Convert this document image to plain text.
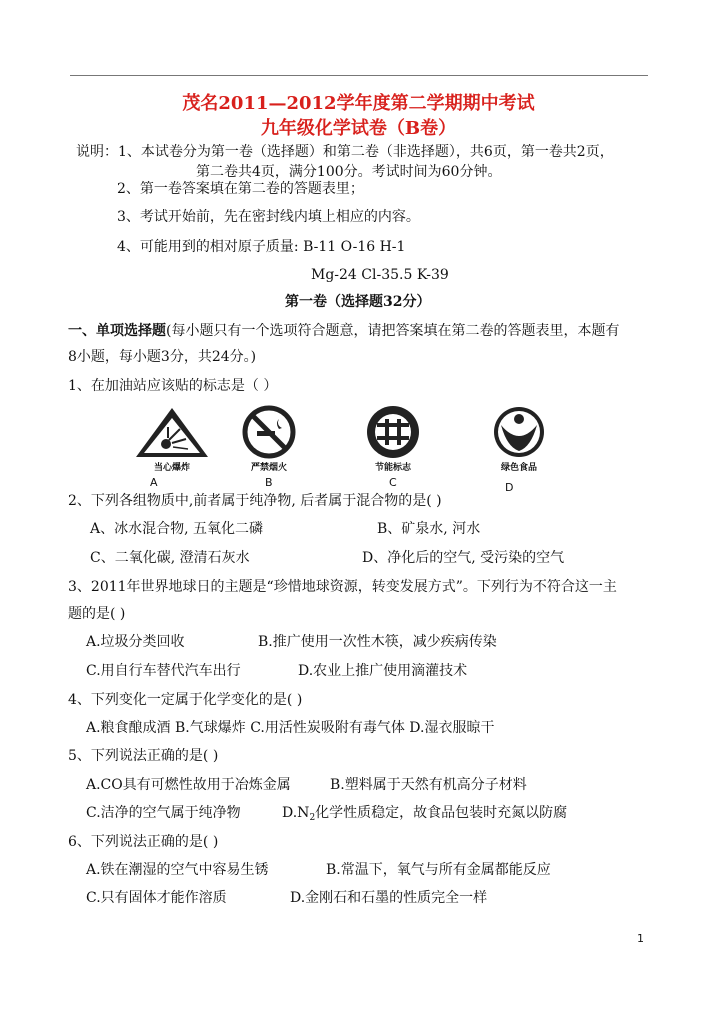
茂名2011—2012学年度第二学期期中考试
九年级化学试卷（B卷）
说明：1、本试卷分为第一卷（选择题）和第二卷（非选择题），共6页，第一卷共2页，
第二卷共4页，满分100分。考试时间为60分钟。
2、第一卷答案填在第二卷的答题表里；
3、考试开始前，先在密封线内填上相应的内容。
4、可能用到的相对原子质量: B-11 O-16 H-1
Mg-24 Cl-35.5 K-39
第一卷（选择题32分）
一、单项选择题(每小题只有一个选项符合题意，请把答案填在第二卷的答题表里，本题有
8小题，每小题3分，共24分。)
1、在加油站应该贴的标志是（ ）
当心爆炸
A
严禁烟火
B
节能标志
C
绿色食品
D
2、下列各组物质中,前者属于纯净物, 后者属于混合物的是( )
A、冰水混合物, 五氧化二磷	B、矿泉水, 河水
C、二氧化碳, 澄清石灰水	D、净化后的空气, 受污染的空气
3、2011年世界地球日的主题是“珍惜地球资源，转变发展方式”。下列行为不符合这一主
题的是( )
A.垃圾分类回收	B.推广使用一次性木筷，减少疾病传染
C.用自行车替代汽车出行	D.农业上推广使用滴灌技术
4、下列变化一定属于化学变化的是( )
A.粮食酿成酒 B.气球爆炸 C.用活性炭吸附有毒气体 D.湿衣服晾干
5、下列说法正确的是( )
A.CO具有可燃性故用于冶炼金属	B.塑料属于天然有机高分子材料
C.洁净的空气属于纯净物	$D.N_2$化学性质稳定，故食品包装时充氮以防腐
6、下列说法正确的是( )
A.铁在潮湿的空气中容易生锈	B.常温下，氧气与所有金属都能反应
C.只有固体才能作溶质	D.金刚石和石墨的性质完全一样
1
